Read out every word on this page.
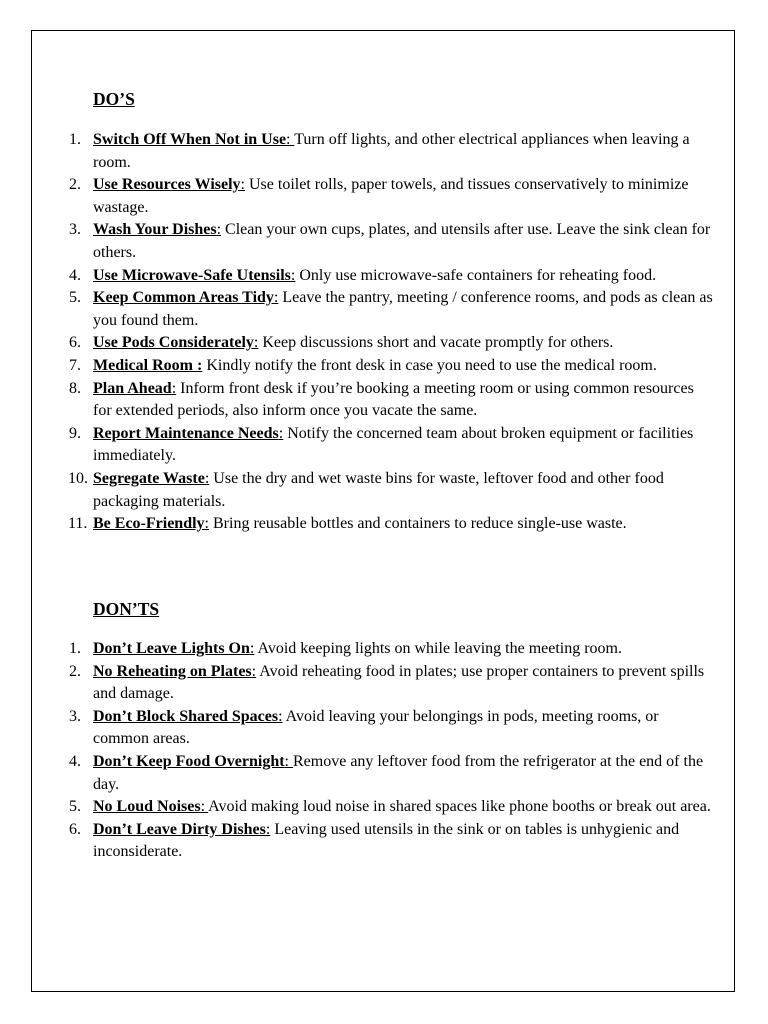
DO’S
1. Switch Off When Not in Use: Turn off lights, and other electrical appliances when leaving a room.
2. Use Resources Wisely: Use toilet rolls, paper towels, and tissues conservatively to minimize wastage.
3. Wash Your Dishes: Clean your own cups, plates, and utensils after use. Leave the sink clean for others.
4. Use Microwave-Safe Utensils: Only use microwave-safe containers for reheating food.
5. Keep Common Areas Tidy: Leave the pantry, meeting / conference rooms, and pods as clean as you found them.
6. Use Pods Considerately: Keep discussions short and vacate promptly for others.
7. Medical Room : Kindly notify the front desk in case you need to use the medical room.
8. Plan Ahead: Inform front desk if you’re booking a meeting room or using common resources for extended periods, also inform once you vacate the same.
9. Report Maintenance Needs: Notify the concerned team about broken equipment or facilities immediately.
10. Segregate Waste: Use the dry and wet waste bins for waste, leftover food and other food packaging materials.
11. Be Eco-Friendly: Bring reusable bottles and containers to reduce single-use waste.
DON’TS
1. Don’t Leave Lights On: Avoid keeping lights on while leaving the meeting room.
2. No Reheating on Plates: Avoid reheating food in plates; use proper containers to prevent spills and damage.
3. Don’t Block Shared Spaces: Avoid leaving your belongings in pods, meeting rooms, or common areas.
4. Don’t Keep Food Overnight: Remove any leftover food from the refrigerator at the end of the day.
5. No Loud Noises: Avoid making loud noise in shared spaces like phone booths or break out area.
6. Don’t Leave Dirty Dishes: Leaving used utensils in the sink or on tables is unhygienic and inconsiderate.
